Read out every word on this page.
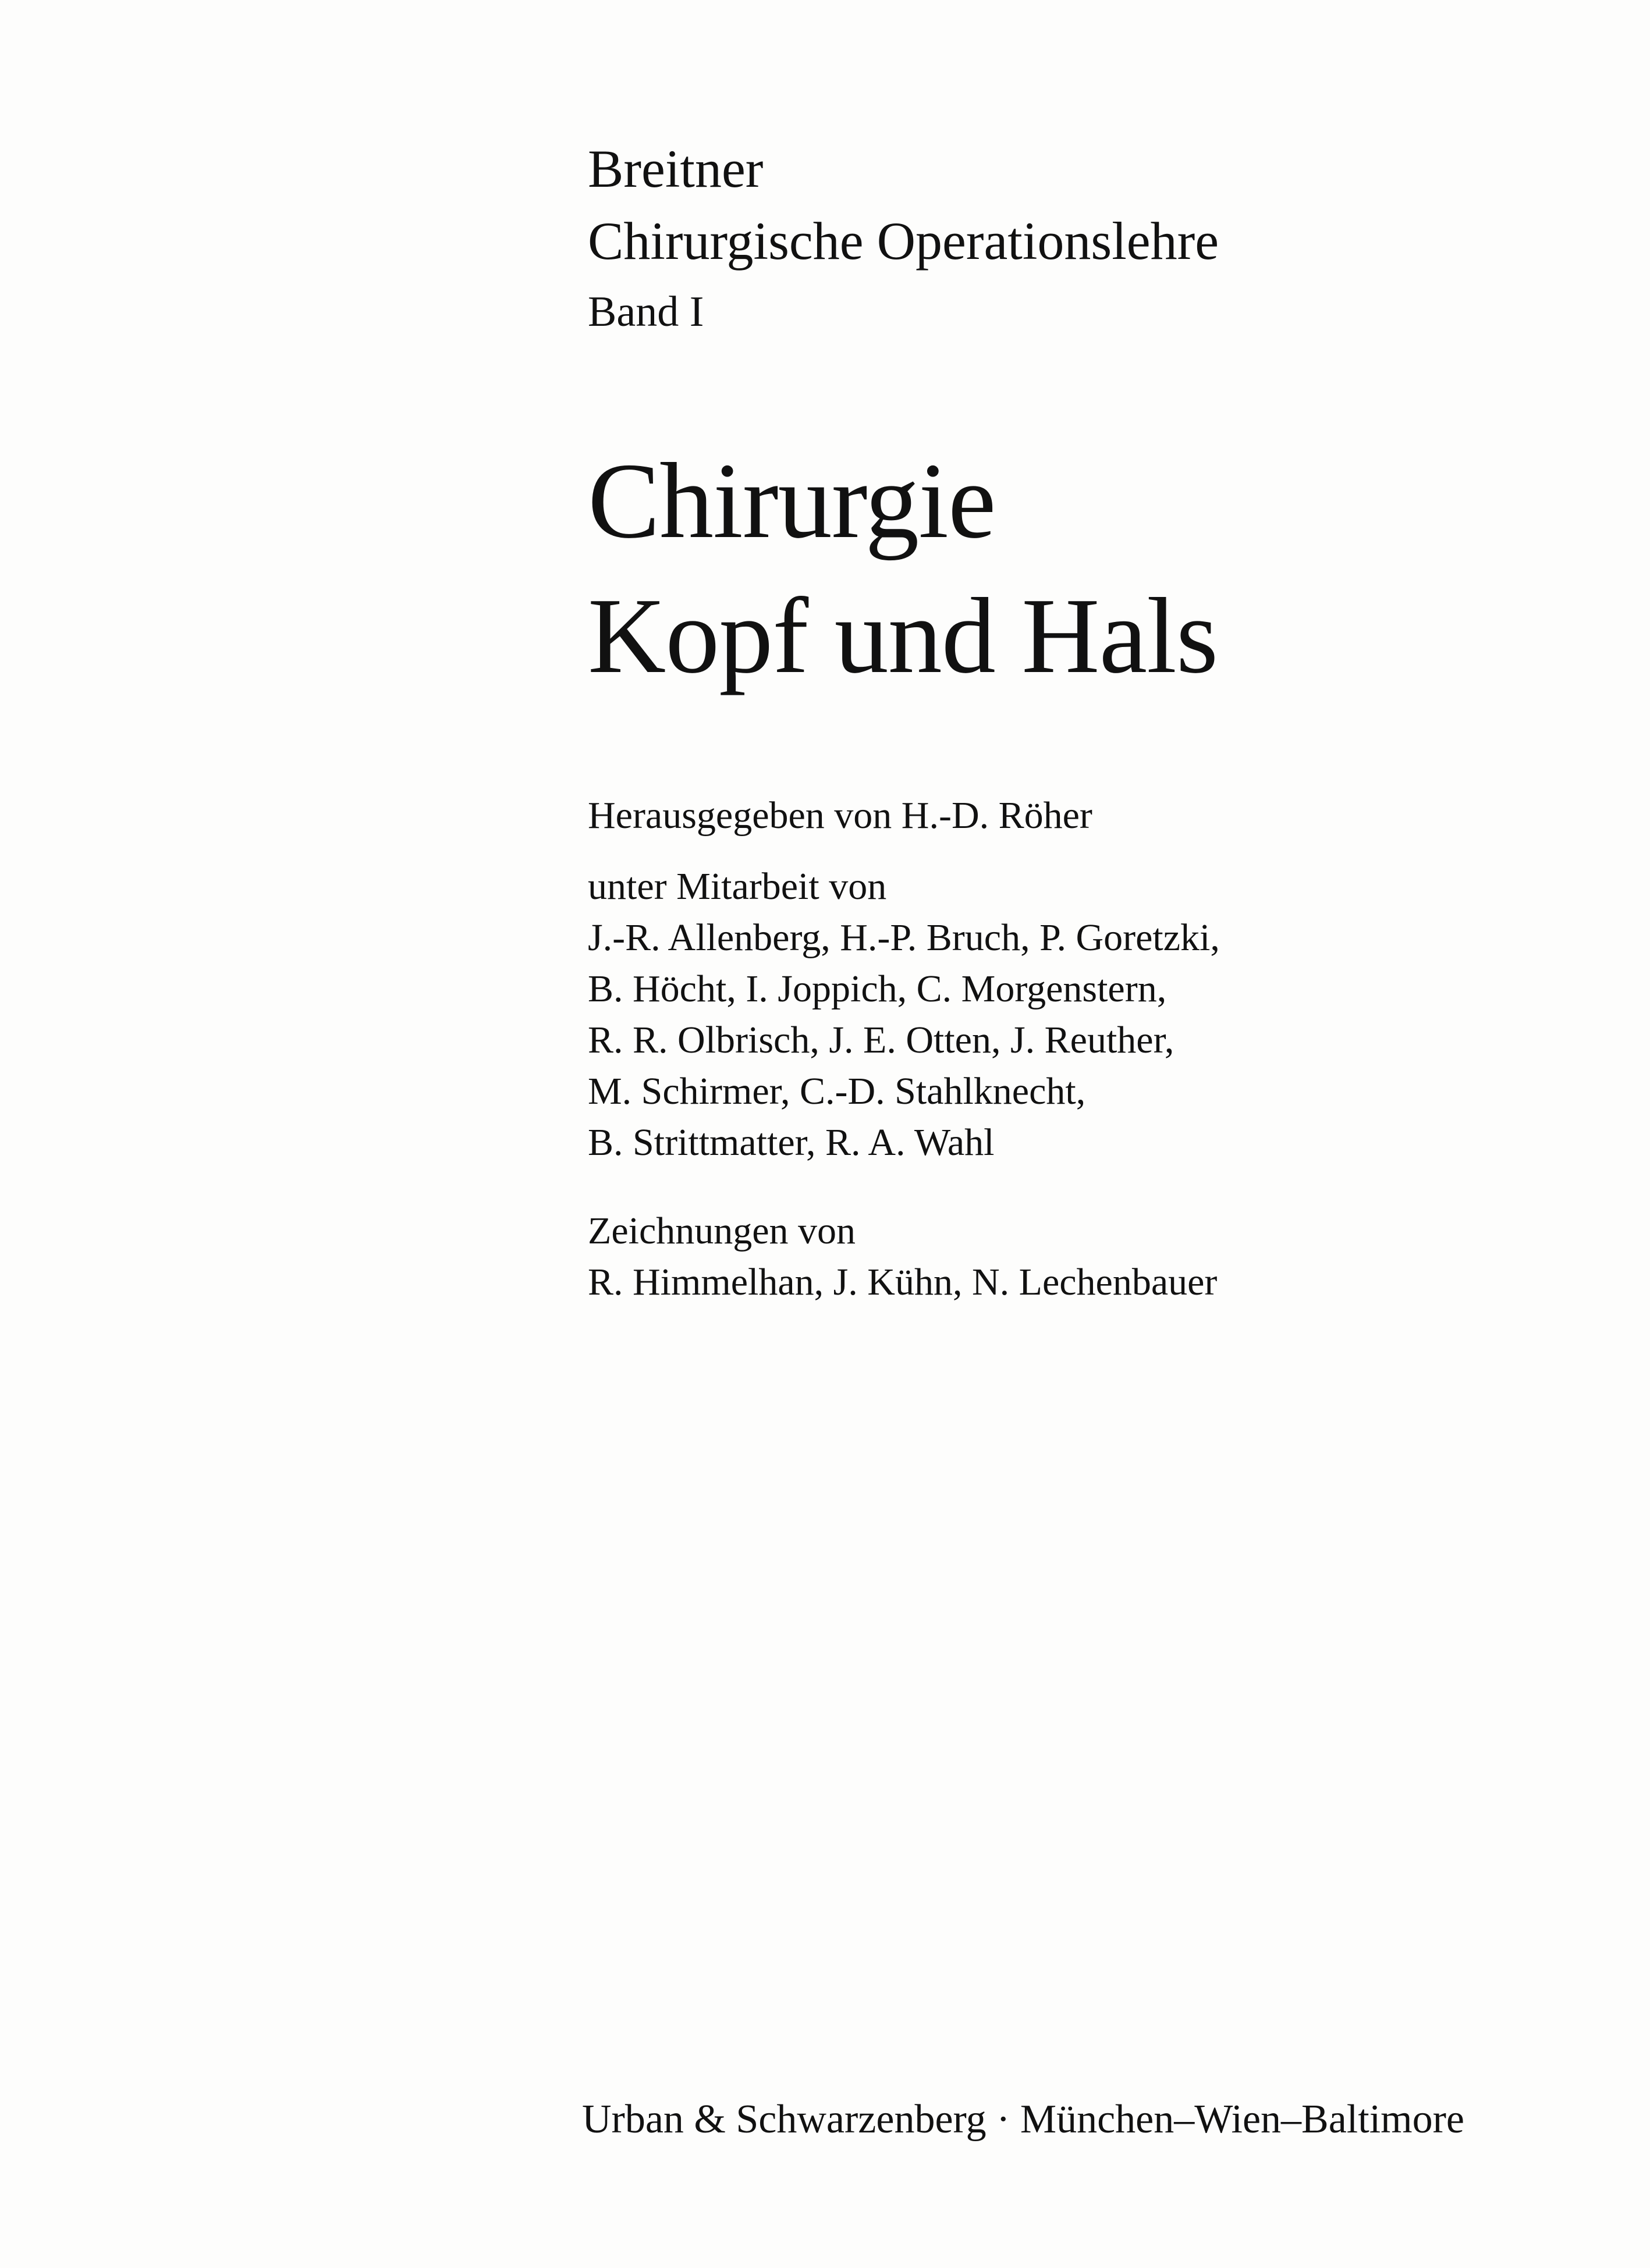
Breitner
Chirurgische Operationslehre
Band I
Chirurgie
Kopf und Hals
Herausgegeben von H.-D. Röher
unter Mitarbeit von
J.-R. Allenberg, H.-P. Bruch, P. Goretzki,
B. Höcht, I. Joppich, C. Morgenstern,
R. R. Olbrisch, J. E. Otten, J. Reuther,
M. Schirmer, C.-D. Stahlknecht,
B. Strittmatter, R. A. Wahl
Zeichnungen von
R. Himmelhan, J. Kühn, N. Lechenbauer
Urban & Schwarzenberg · München–Wien–Baltimore
